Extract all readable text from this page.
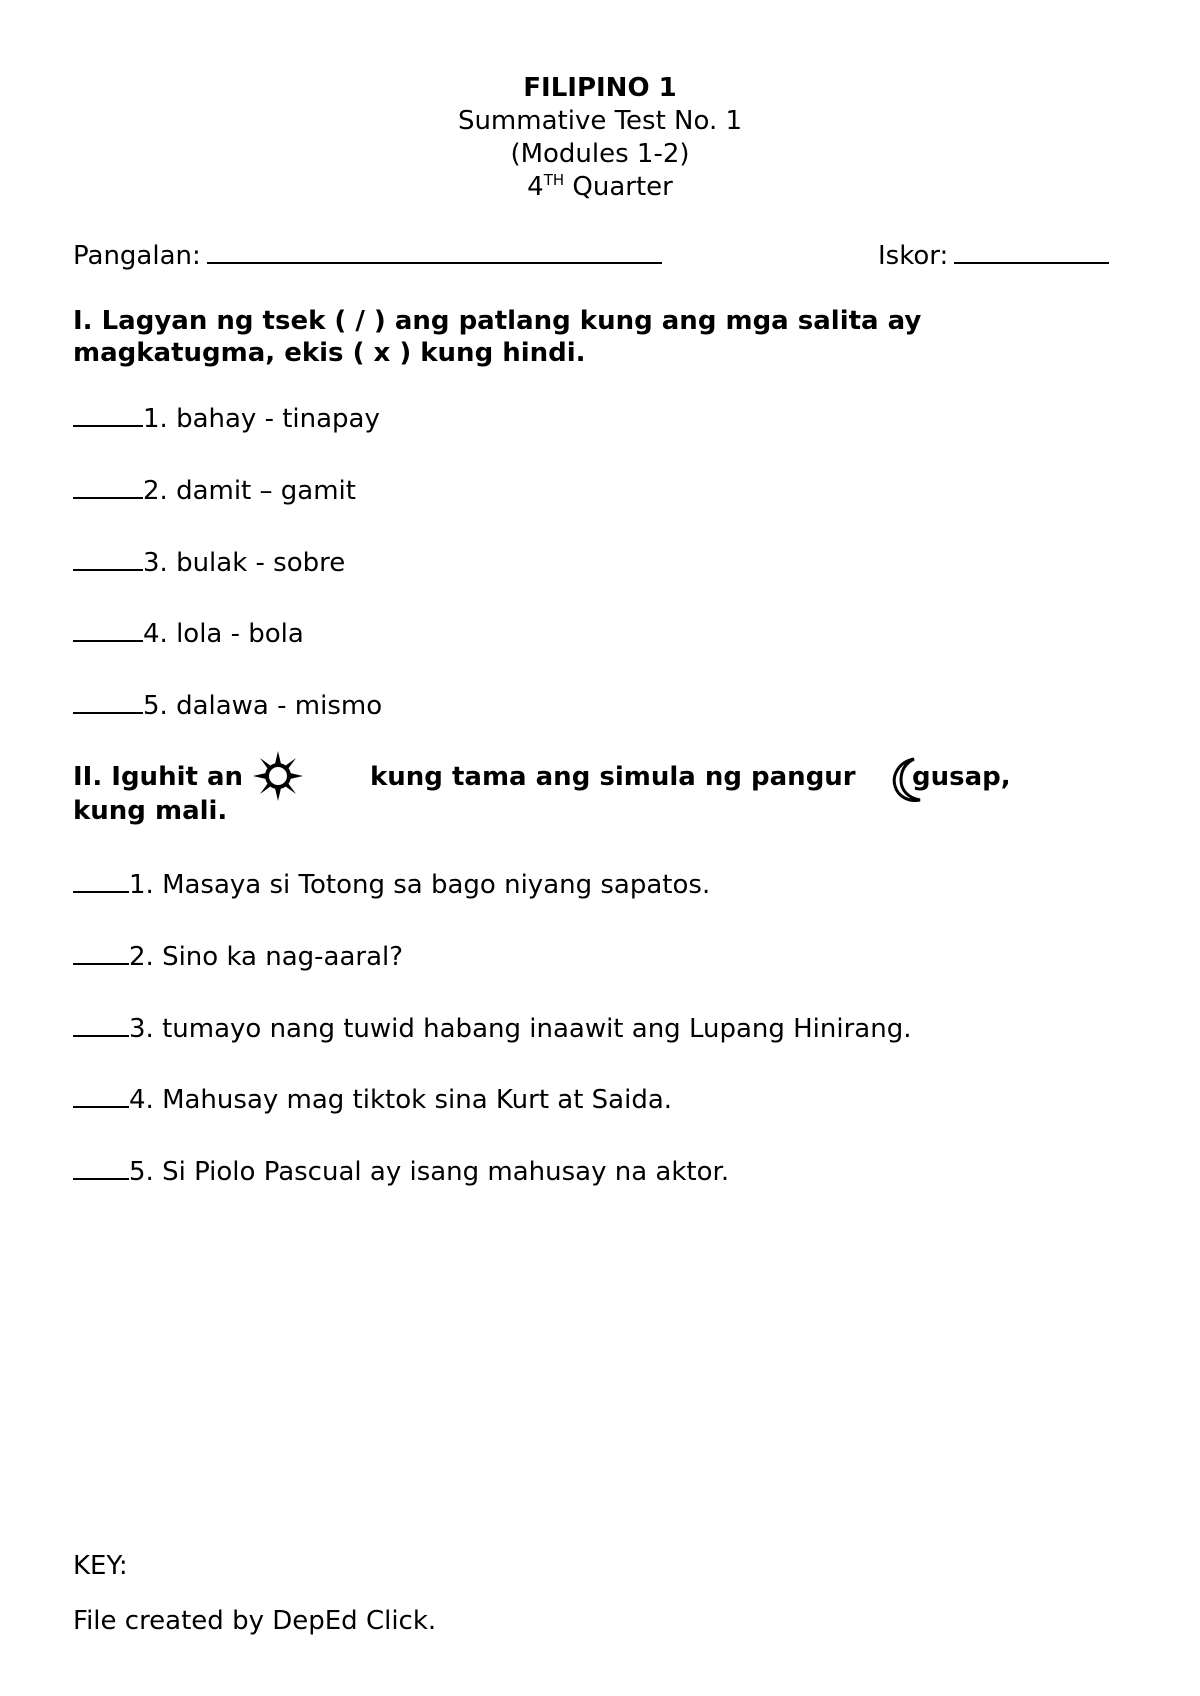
FILIPINO 1
Summative Test No. 1
(Modules 1-2)
4TH Quarter
Pangalan:	Iskor:
I. Lagyan ng tsek ( / ) ang patlang kung ang mga salita ay
magkatugma, ekis ( x ) kung hindi.
1. bahay - tinapay
2. damit – gamit
3. bulak - sobre
4. lola - bola
5. dalawa - mismo
II. Iguhit an	kung tama ang simula ng pangur gusap,
kung mali.
1. Masaya si Totong sa bago niyang sapatos.
2. Sino ka nag-aaral?
3. tumayo nang tuwid habang inaawit ang Lupang Hinirang.
4. Mahusay mag tiktok sina Kurt at Saida.
5. Si Piolo Pascual ay isang mahusay na aktor.
KEY:
File created by DepEd Click.
